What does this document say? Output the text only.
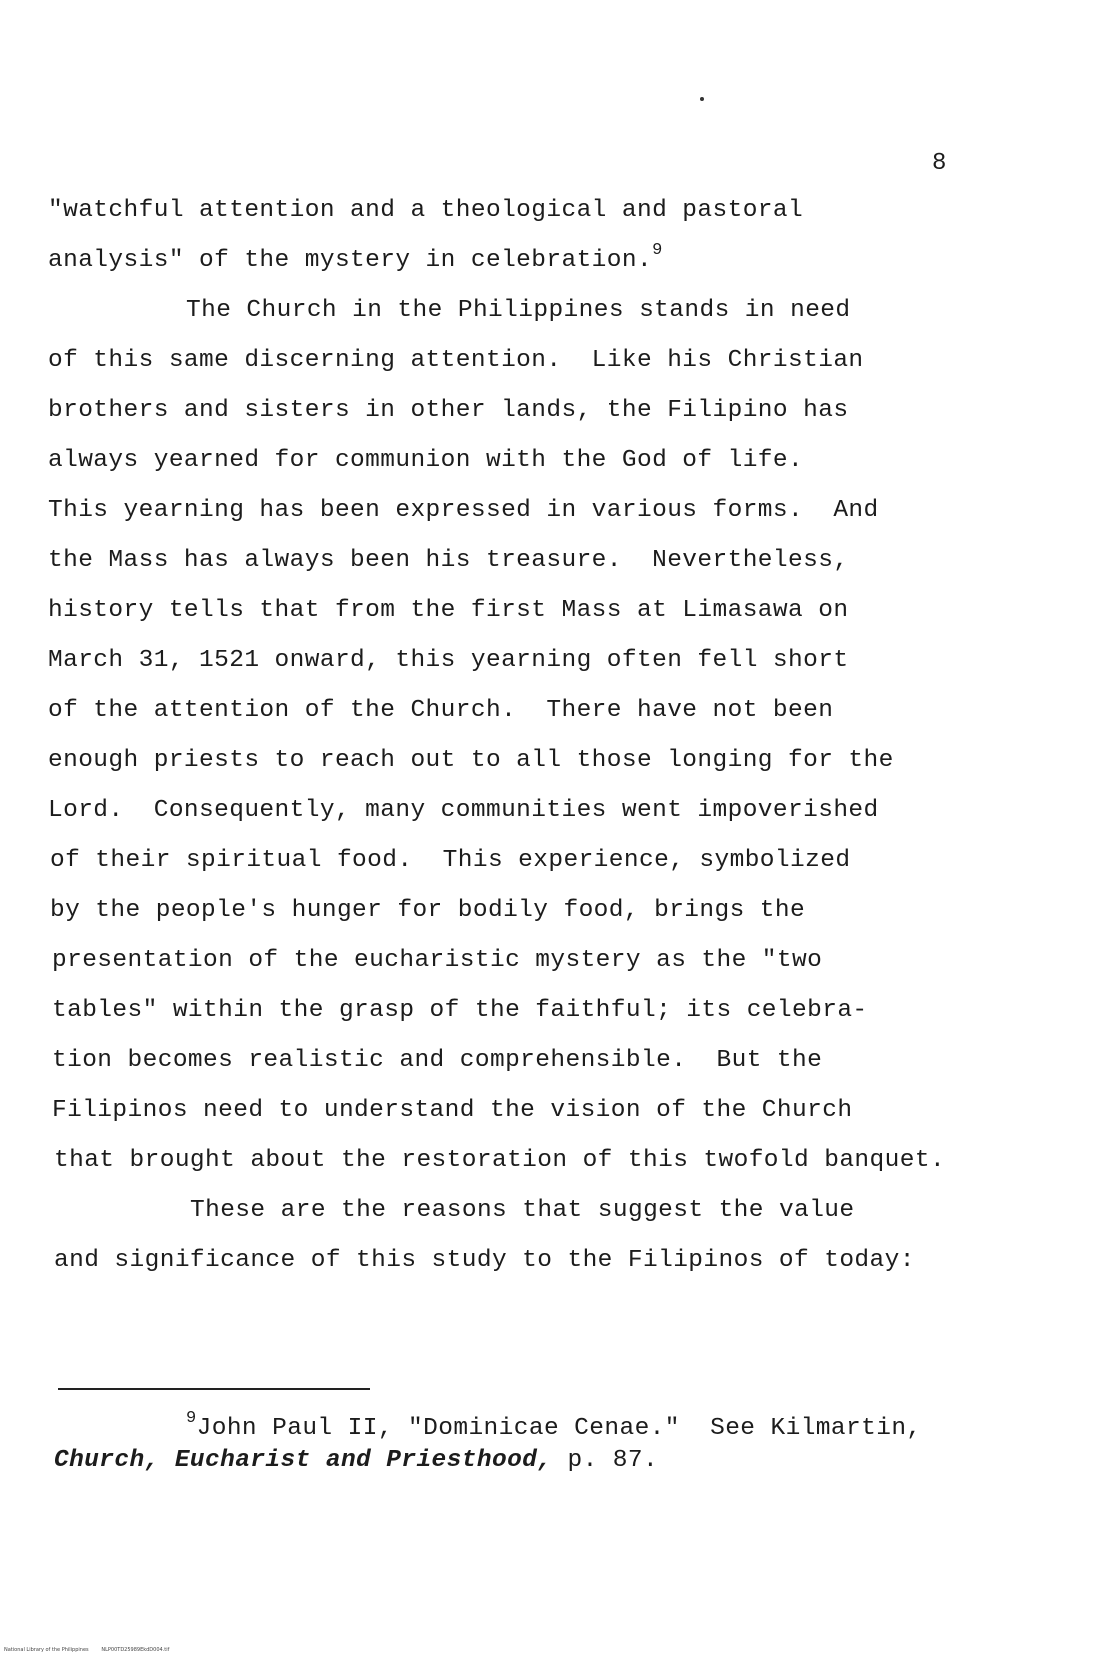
8
"watchful attention and a theological and pastoral
analysis" of the mystery in celebration.$^9$
The Church in the Philippines stands in need
of this same discerning attention.  Like his Christian
brothers and sisters in other lands, the Filipino has
always yearned for communion with the God of life.
This yearning has been expressed in various forms.  And
the Mass has always been his treasure.  Nevertheless,
history tells that from the first Mass at Limasawa on
March 31, 1521 onward, this yearning often fell short
of the attention of the Church.  There have not been
enough priests to reach out to all those longing for the
Lord.  Consequently, many communities went impoverished
of their spiritual food.  This experience, symbolized
by the people's hunger for bodily food, brings the
presentation of the eucharistic mystery as the "two
tables" within the grasp of the faithful; its celebra-
tion becomes realistic and comprehensible.  But the
Filipinos need to understand the vision of the Church
that brought about the restoration of this twofold banquet.
These are the reasons that suggest the value
and significance of this study to the Filipinos of today:
$^9$John Paul II, "Dominicae Cenae."  See Kilmartin,
Church, Eucharist and Priesthood, p. 87.
National Library of the Philippines	NLP00TD25989EkdD004.tif
